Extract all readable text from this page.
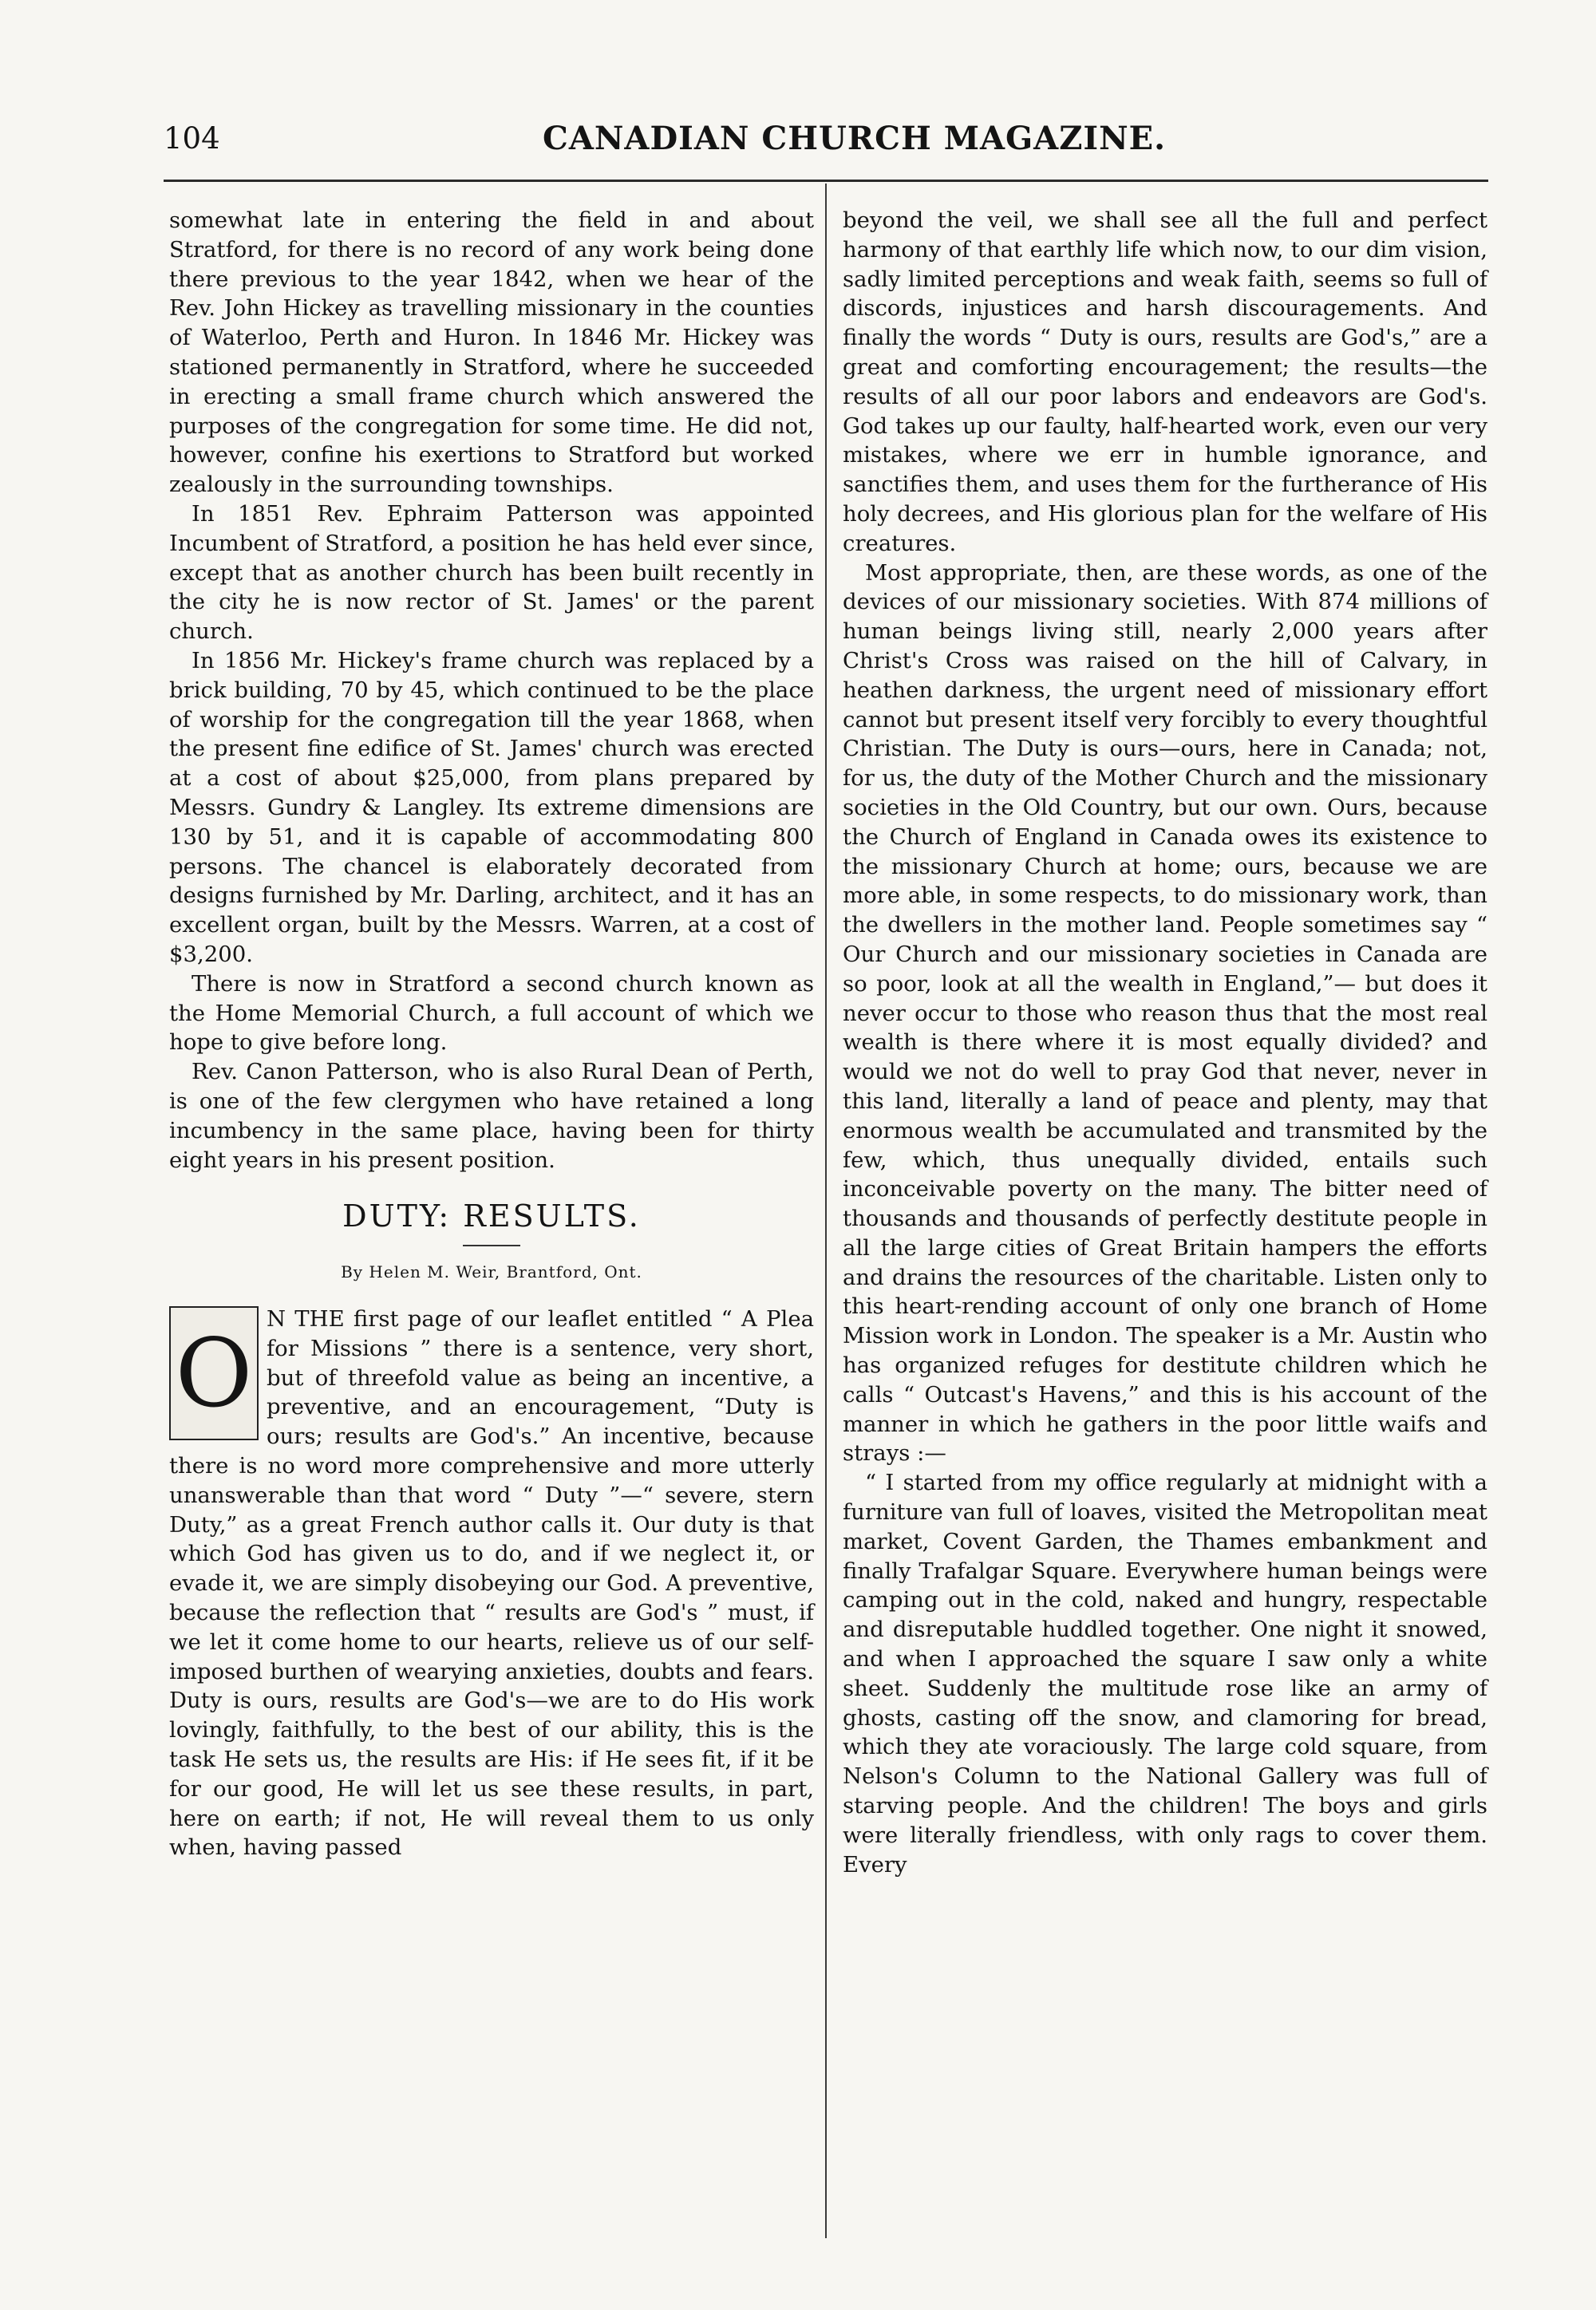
104	CANADIAN CHURCH MAGAZINE.

somewhat late in entering the field in and about Stratford, for there is no record of any work being done there previous to the year 1842, when we hear of the Rev. John Hickey as travelling missionary in the counties of Waterloo, Perth and Huron. In 1846 Mr. Hickey was stationed permanently in Stratford, where he succeeded in erecting a small frame church which answered the purposes of the congregation for some time. He did not, however, confine his exertions to Stratford but worked zealously in the surrounding townships.

In 1851 Rev. Ephraim Patterson was appointed Incumbent of Stratford, a position he has held ever since, except that as another church has been built recently in the city he is now rector of St. James' or the parent church.

In 1856 Mr. Hickey's frame church was replaced by a brick building, 70 by 45, which continued to be the place of worship for the congregation till the year 1868, when the present fine edifice of St. James' church was erected at a cost of about $25,000, from plans prepared by Messrs. Gundry & Langley. Its extreme dimensions are 130 by 51, and it is capable of accommodating 800 persons. The chancel is elaborately decorated from designs furnished by Mr. Darling, architect, and it has an excellent organ, built by the Messrs. Warren, at a cost of $3,200.

There is now in Stratford a second church known as the Home Memorial Church, a full account of which we hope to give before long.

Rev. Canon Patterson, who is also Rural Dean of Perth, is one of the few clergymen who have retained a long incumbency in the same place, having been for thirty eight years in his present position.

DUTY: RESULTS.
By Helen M. Weir, Brantford, Ont.
O N THE first page of our leaflet entitled “ A Plea for Missions ” there is a sentence, very short, but of threefold value as being an incentive, a preventive, and an encouragement, “Duty is ours; results are God's.” An incentive, because there is no word more comprehensive and more utterly unanswerable than that word “ Duty ”—“ severe, stern Duty,” as a great French author calls it. Our duty is that which God has given us to do, and if we neglect it, or evade it, we are simply disobeying our God. A preventive, because the reflection that “ results are God's ” must, if we let it come home to our hearts, relieve us of our self-imposed burthen of wearying anxieties, doubts and fears. Duty is ours, results are God's—we are to do His work lovingly, faithfully, to the best of our ability, this is the task He sets us, the results are His: if He sees fit, if it be for our good, He will let us see these results, in part, here on earth; if not, He will reveal them to us only when, having passed

beyond the veil, we shall see all the full and perfect harmony of that earthly life which now, to our dim vision, sadly limited perceptions and weak faith, seems so full of discords, injustices and harsh discouragements. And finally the words “ Duty is ours, results are God's,” are a great and comforting encouragement; the results—the results of all our poor labors and endeavors are God's. God takes up our faulty, half-hearted work, even our very mistakes, where we err in humble ignorance, and sanctifies them, and uses them for the furtherance of His holy decrees, and His glorious plan for the welfare of His creatures.

Most appropriate, then, are these words, as one of the devices of our missionary societies. With 874 millions of human beings living still, nearly 2,000 years after Christ's Cross was raised on the hill of Calvary, in heathen darkness, the urgent need of missionary effort cannot but present itself very forcibly to every thoughtful Christian. The Duty is ours—ours, here in Canada; not, for us, the duty of the Mother Church and the missionary societies in the Old Country, but our own. Ours, because the Church of England in Canada owes its existence to the missionary Church at home; ours, because we are more able, in some respects, to do missionary work, than the dwellers in the mother land. People sometimes say “ Our Church and our missionary societies in Canada are so poor, look at all the wealth in England,”— but does it never occur to those who reason thus that the most real wealth is there where it is most equally divided? and would we not do well to pray God that never, never in this land, literally a land of peace and plenty, may that enormous wealth be accumulated and transmited by the few, which, thus unequally divided, entails such inconceivable poverty on the many. The bitter need of thousands and thousands of perfectly destitute people in all the large cities of Great Britain hampers the efforts and drains the resources of the charitable. Listen only to this heart-rending account of only one branch of Home Mission work in London. The speaker is a Mr. Austin who has organized refuges for destitute children which he calls “ Outcast's Havens,” and this is his account of the manner in which he gathers in the poor little waifs and strays :—

“ I started from my office regularly at midnight with a furniture van full of loaves, visited the Metropolitan meat market, Covent Garden, the Thames embankment and finally Trafalgar Square. Everywhere human beings were camping out in the cold, naked and hungry, respectable and disreputable huddled together. One night it snowed, and when I approached the square I saw only a white sheet. Suddenly the multitude rose like an army of ghosts, casting off the snow, and clamoring for bread, which they ate voraciously. The large cold square, from Nelson's Column to the National Gallery was full of starving people. And the children! The boys and girls were literally friendless, with only rags to cover them. Every
